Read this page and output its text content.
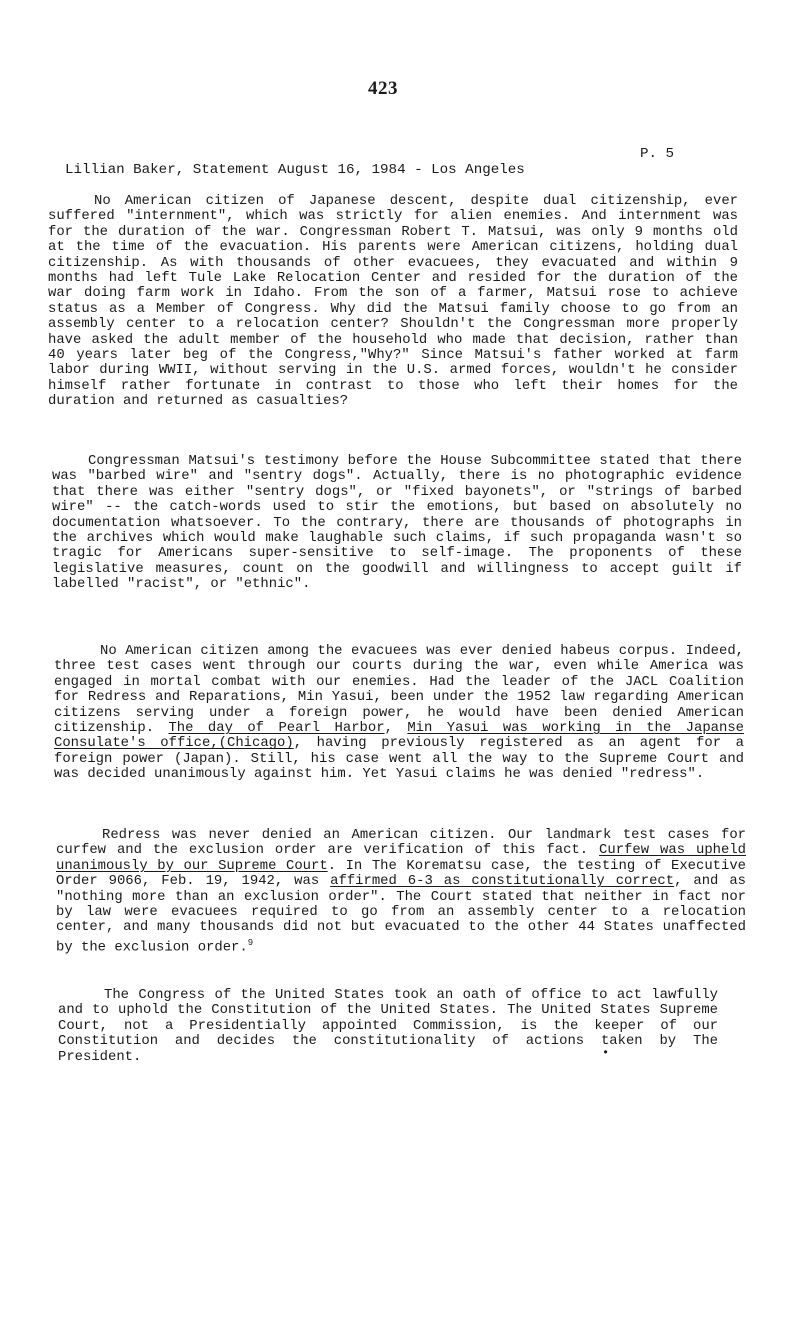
423

Lillian Baker, Statement August 16, 1984 - Los Angeles

P. 5

No American citizen of Japanese descent, despite dual citizenship, ever suffered "internment", which was strictly for alien enemies. And internment was for the duration of the war. Congressman Robert T. Matsui, was only 9 months old at the time of the evacuation. His parents were American citizens, holding dual citizenship. As with thousands of other evacuees, they evacuated and within 9 months had left Tule Lake Relocation Center and resided for the duration of the war doing farm work in Idaho. From the son of a farmer, Matsui rose to achieve status as a Member of Congress. Why did the Matsui family choose to go from an assembly center to a relocation center? Shouldn't the Congressman more properly have asked the adult member of the household who made that decision, rather than 40 years later beg of the Congress,"Why?" Since Matsui's father worked at farm labor during WWII, without serving in the U.S. armed forces, wouldn't he consider himself rather fortunate in contrast to those who left their homes for the duration and returned as casualties?

Congressman Matsui's testimony before the House Subcommittee stated that there was "barbed wire" and "sentry dogs". Actually, there is no photographic evidence that there was either "sentry dogs", or "fixed bayonets", or "strings of barbed wire" -- the catch-words used to stir the emotions, but based on absolutely no documentation whatsoever. To the contrary, there are thousands of photographs in the archives which would make laughable such claims, if such propaganda wasn't so tragic for Americans super-sensitive to self-image. The proponents of these legislative measures, count on the goodwill and willingness to accept guilt if labelled "racist", or "ethnic".

No American citizen among the evacuees was ever denied habeus corpus. Indeed, three test cases went through our courts during the war, even while America was engaged in mortal combat with our enemies. Had the leader of the JACL Coalition for Redress and Reparations, Min Yasui, been under the 1952 law regarding American citizens serving under a foreign power, he would have been denied American citizenship. The day of Pearl Harbor, Min Yasui was working in the Japanse Consulate's office,(Chicago), having previously registered as an agent for a foreign power (Japan). Still, his case went all the way to the Supreme Court and was decided unanimously against him. Yet Yasui claims he was denied "redress".

Redress was never denied an American citizen. Our landmark test cases for curfew and the exclusion order are verification of this fact. Curfew was upheld unanimously by our Supreme Court. In The Korematsu case, the testing of Executive Order 9066, Feb. 19, 1942, was affirmed 6-3 as constitutionally correct, and as "nothing more than an exclusion order". The Court stated that neither in fact nor by law were evacuees required to go from an assembly center to a relocation center, and many thousands did not but evacuated to the other 44 States unaffected by the exclusion order.$^9$

The Congress of the United States took an oath of office to act lawfully and to uphold the Constitution of the United States. The United States Supreme Court, not a Presidentially appointed Commission, is the keeper of our Constitution and decides the constitutionality of actions taken by The President.	•
